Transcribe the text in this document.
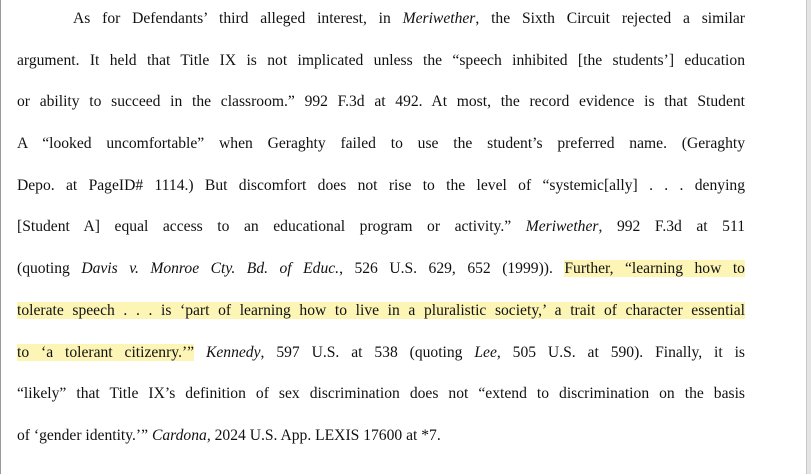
As for Defendants’ third alleged interest, in Meriwether, the Sixth Circuit rejected a similar
argument. It held that Title IX is not implicated unless the “speech inhibited [the students’] education
or ability to succeed in the classroom.” 992 F.3d at 492. At most, the record evidence is that Student
A “looked uncomfortable” when Geraghty failed to use the student’s preferred name. (Geraghty
Depo. at PageID# 1114.) But discomfort does not rise to the level of “systemic[ally] . . . denying
[Student A] equal access to an educational program or activity.” Meriwether, 992 F.3d at 511
(quoting Davis v. Monroe Cty. Bd. of Educ., 526 U.S. 629, 652 (1999)). Further, “learning how to
tolerate speech . . . is ‘part of learning how to live in a pluralistic society,’ a trait of character essential
to ‘a tolerant citizenry.’” Kennedy, 597 U.S. at 538 (quoting Lee, 505 U.S. at 590). Finally, it is
“likely” that Title IX’s definition of sex discrimination does not “extend to discrimination on the basis
of ‘gender identity.’” Cardona, 2024 U.S. App. LEXIS 17600 at *7.
